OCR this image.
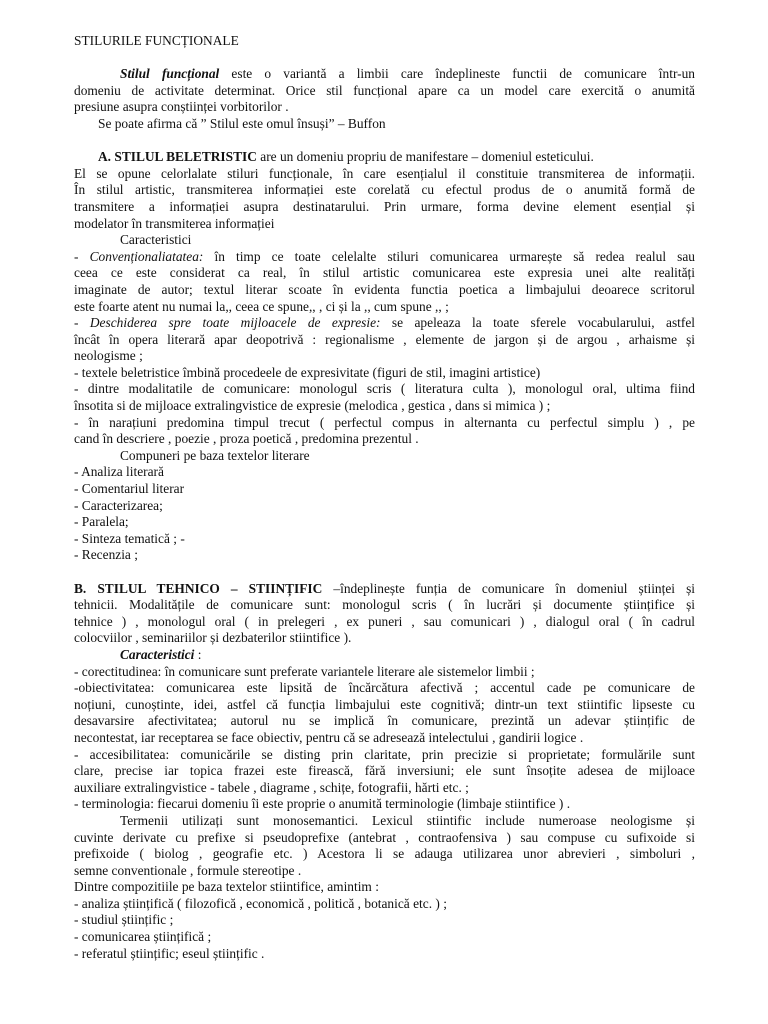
STILURILE FUNCȚIONALE
Stilul funcțional este o variantă a limbii care îndeplineste functii de comunicare într-un
domeniu de activitate determinat. Orice stil funcțional apare ca un model care exercită o anumită
presiune asupra conștiinței vorbitorilor .
Se poate afirma că ” Stilul este omul însuși” – Buffon
A. STILUL BELETRISTIC are un domeniu propriu de manifestare – domeniul esteticului.
El se opune celorlalate stiluri funcționale, în care esențialul il constituie transmiterea de informații.
În stilul artistic, transmiterea informației este corelată cu efectul produs de o anumită formă de
transmitere a informației asupra destinatarului. Prin urmare, forma devine element esențial și
modelator în transmiterea informației
Caracteristici
- Convenționaliatatea: în timp ce toate celelalte stiluri comunicarea urmarește să redea realul sau
ceea ce este considerat ca real, în stilul artistic comunicarea este expresia unei alte realități
imaginate de autor; textul literar scoate în evidenta functia poetica a limbajului deoarece scritorul
este foarte atent nu numai la,, ceea ce spune,, , ci și la ,, cum spune ,, ;
- Deschiderea spre toate mijloacele de expresie: se apeleaza la toate sferele vocabularului, astfel
încât în opera literară apar deopotrivă : regionalisme , elemente de jargon și de argou , arhaisme și
neologisme ;
- textele beletristice îmbină procedeele de expresivitate (figuri de stil, imagini artistice)
- dintre modalitatile de comunicare: monologul scris ( literatura culta ), monologul oral, ultima fiind
însotita si de mijloace extralingvistice de expresie (melodica , gestica , dans si mimica ) ;
- în narațiuni predomina timpul trecut ( perfectul compus in alternanta cu perfectul simplu ) , pe
cand în descriere , poezie , proza poetică , predomina prezentul .
Compuneri pe baza textelor literare
- Analiza literară
- Comentariul literar
- Caracterizarea;
- Paralela;
- Sinteza tematică ; -
- Recenzia ;
B. STILUL TEHNICO – STIINȚIFIC –îndeplinește funția de comunicare în domeniul științei și
tehnicii. Modalitățile de comunicare sunt: monologul scris ( în lucrări și documente științifice și
tehnice ) , monologul oral ( in prelegeri , ex puneri , sau comunicari ) , dialogul oral ( în cadrul
colocviilor , seminariilor și dezbaterilor stiintifice ).
Caracteristici :
- corectitudinea: în comunicare sunt preferate variantele literare ale sistemelor limbii ;
-obiectivitatea: comunicarea este lipsită de încărcătura afectivă ; accentul cade pe comunicare de
noțiuni, cunoștinte, idei, astfel că funcția limbajului este cognitivă; dintr-un text stiintific lipseste cu
desavarsire afectivitatea; autorul nu se implică în comunicare, prezintă un adevar științific de
necontestat, iar receptarea se face obiectiv, pentru că se adresează intelectului , gandirii logice .
- accesibilitatea: comunicările se disting prin claritate, prin precizie si proprietate; formulările sunt
clare, precise iar topica frazei este firească, fără inversiuni; ele sunt însoțite adesea de mijloace
auxiliare extralingvistice - tabele , diagrame , schițe, fotografii, hărti etc. ;
- terminologia: fiecarui domeniu îi este proprie o anumită terminologie (limbaje stiintifice ) .
Termenii utilizați sunt monosemantici. Lexicul stiintific include numeroase neologisme și
cuvinte derivate cu prefixe si pseudoprefixe (antebrat , contraofensiva ) sau compuse cu sufixoide si
prefixoide ( biolog , geografie etc. ) Acestora li se adauga utilizarea unor abrevieri , simboluri ,
semne conventionale , formule stereotipe .
Dintre compozitiile pe baza textelor stiintifice, amintim :
- analiza științifică ( filozofică , economică , politică , botanică etc. ) ;
- studiul științific ;
- comunicarea științifică ;
- referatul științific; eseul științific .
